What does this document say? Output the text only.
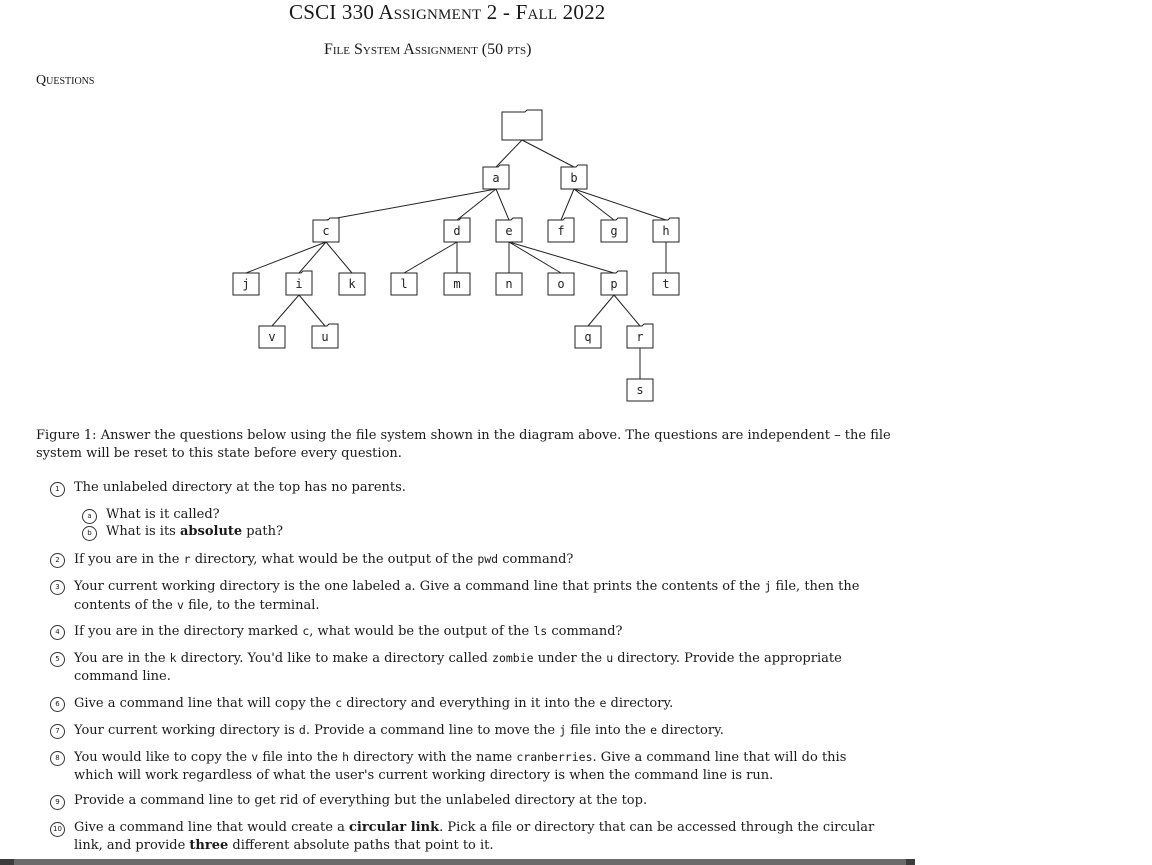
CSCI 330 Assignment 2 - Fall 2022
File System Assignment (50 pts)
Questions
a	b
c	d	e	f	g	h
j	i	k	l	m	n	o	p	t
v	u	q	r
s
Figure 1: Answer the questions below using the file system shown in the diagram above. The questions are independent – the file system will be reset to this state before every question.
1	The unlabeled directory at the top has no parents.
a	What is it called?
b	What is its absolute path?
2	If you are in the r directory, what would be the output of the pwd command?
3	Your current working directory is the one labeled a. Give a command line that prints the contents of the j file, then the contents of the v file, to the terminal.
4	If you are in the directory marked c, what would be the output of the ls command?
5	You are in the k directory. You'd like to make a directory called zombie under the u directory. Provide the appropriate command line.
6	Give a command line that will copy the c directory and everything in it into the e directory.
7	Your current working directory is d. Provide a command line to move the j file into the e directory.
8	You would like to copy the v file into the h directory with the name cranberries. Give a command line that will do this which will work regardless of what the user's current working directory is when the command line is run.
9	Provide a command line to get rid of everything but the unlabeled directory at the top.
10 Give a command line that would create a circular link. Pick a file or directory that can be accessed through the circular link, and provide three different absolute paths that point to it.
